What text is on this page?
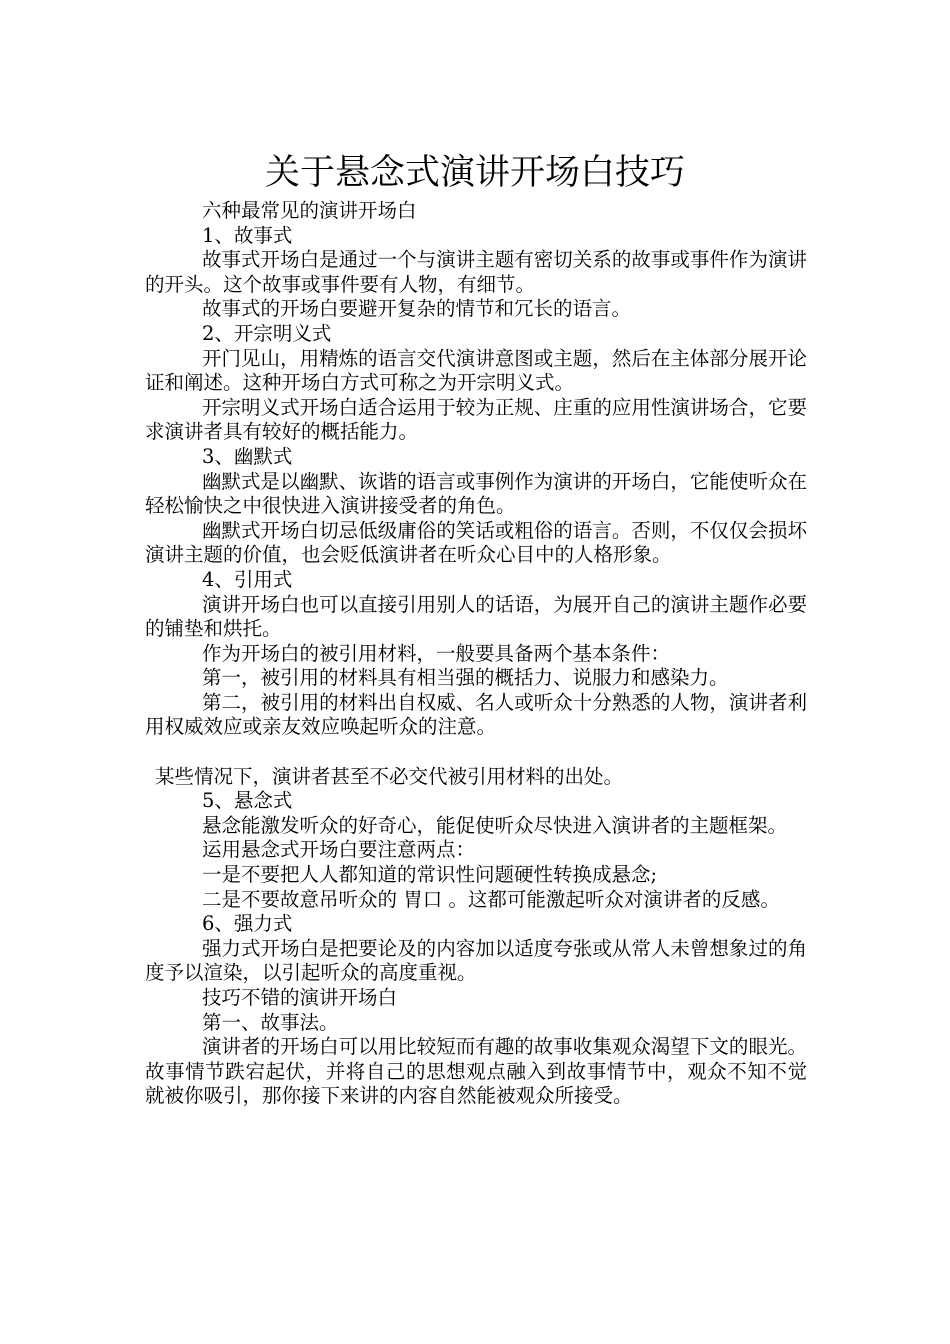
关于悬念式演讲开场白技巧

六种最常见的演讲开场白

1、故事式

故事式开场白是通过一个与演讲主题有密切关系的故事或事件作为演讲的开头。这个故事或事件要有人物，有细节。

故事式的开场白要避开复杂的情节和冗长的语言。

2、开宗明义式

开门见山，用精炼的语言交代演讲意图或主题，然后在主体部分展开论证和阐述。这种开场白方式可称之为开宗明义式。

开宗明义式开场白适合运用于较为正规、庄重的应用性演讲场合，它要求演讲者具有较好的概括能力。

3、幽默式

幽默式是以幽默、诙谐的语言或事例作为演讲的开场白，它能使听众在轻松愉快之中很快进入演讲接受者的角色。

幽默式开场白切忌低级庸俗的笑话或粗俗的语言。否则，不仅仅会损坏演讲主题的价值，也会贬低演讲者在听众心目中的人格形象。

4、引用式

演讲开场白也可以直接引用别人的话语，为展开自己的演讲主题作必要的铺垫和烘托。

作为开场白的被引用材料，一般要具备两个基本条件：

第一，被引用的材料具有相当强的概括力、说服力和感染力。

第二，被引用的材料出自权威、名人或听众十分熟悉的人物，演讲者利用权威效应或亲友效应唤起听众的注意。

某些情况下，演讲者甚至不必交代被引用材料的出处。

5、悬念式

悬念能激发听众的好奇心，能促使听众尽快进入演讲者的主题框架。

运用悬念式开场白要注意两点：

一是不要把人人都知道的常识性问题硬性转换成悬念;

二是不要故意吊听众的 胃口 。这都可能激起听众对演讲者的反感。

6、强力式

强力式开场白是把要论及的内容加以适度夸张或从常人未曾想象过的角度予以渲染，以引起听众的高度重视。

技巧不错的演讲开场白

第一、故事法。

演讲者的开场白可以用比较短而有趣的故事收集观众渴望下文的眼光。故事情节跌宕起伏，并将自己的思想观点融入到故事情节中，观众不知不觉就被你吸引，那你接下来讲的内容自然能被观众所接受。
